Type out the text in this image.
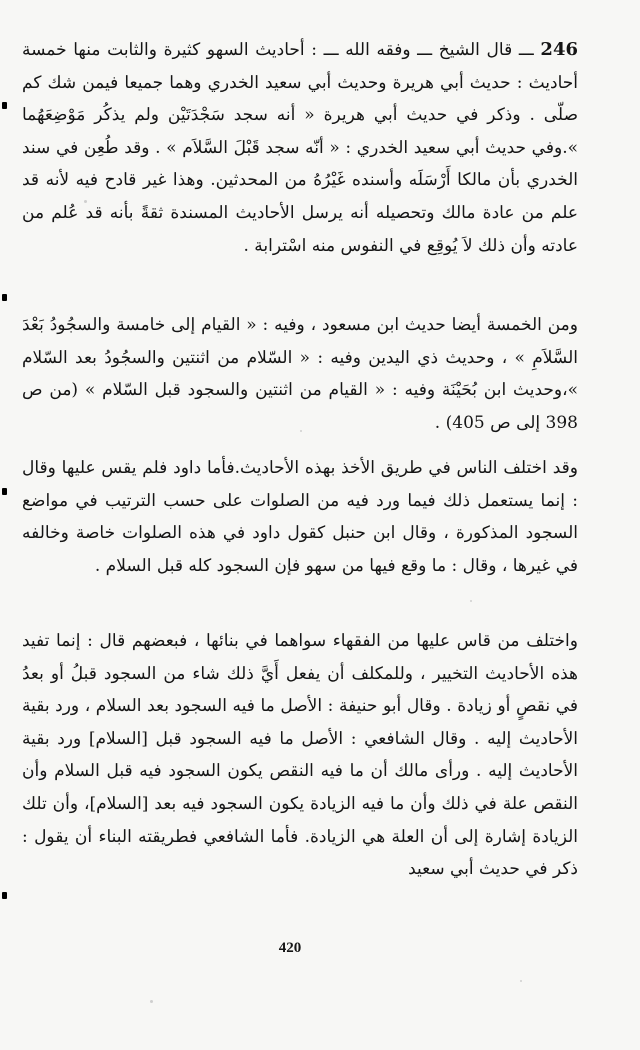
246 ـــ قال الشيخ ـــ وفقه الله ـــ : أحاديث السهو كثيرة والثابت منها خمسة أحاديث : حديث أبي هريرة وحديث أبي سعيد الخدري وهما جميعا فيمن شك كم صلّى . وذكر في حديث أبي هريرة « أنه سجد سَجْدَتَيْن ولم يذكُر مَوْضِعَهُما ».وفي حديث أبي سعيد الخدري : « أنّه سجد قَبْلَ السَّلاَم » . وقد طُعِن في سند الخدري بأن مالكا أَرْسَلَه وأسنده غَيْرُهُ من المحدثين. وهذا غير قادح فيه لأنه قد علم من عادة مالك وتحصيله أنه يرسل الأحاديث المسندة ثقةً بأنه قد عُلم من عادته وأن ذلك لاَ يُوقِع في النفوس منه اسْترابة .

ومن الخمسة أيضا حديث ابن مسعود ، وفيه : « القيام إلى خامسة والسجُودُ بَعْدَ السَّلاَمِ » ، وحديث ذي اليدين وفيه : « السّلام من اثنتين والسجُودُ بعد السّلام »،وحديث ابن بُحَيْنَة وفيه : « القيام من اثنتين والسجود قبل السّلام » (من ص 398 إلى ص 405) .

وقد اختلف الناس في طريق الأخذ بهذه الأحاديث.فأما داود فلم يقس عليها وقال : إنما يستعمل ذلك فيما ورد فيه من الصلوات على حسب الترتيب في مواضع السجود المذكورة ، وقال ابن حنبل كقول داود في هذه الصلوات خاصة وخالفه في غيرها ، وقال : ما وقع فيها من سهو فإن السجود كله قبل السلام .

واختلف من قاس عليها من الفقهاء سواهما في بنائها ، فبعضهم قال : إنما تفيد هذه الأحاديث التخيير ، وللمكلف أن يفعل أَيَّ ذلك شاء من السجود قبلُ أو بعدُ في نقصٍ أو زيادة . وقال أبو حنيفة : الأصل ما فيه السجود بعد السلام ، ورد بقية الأحاديث إليه . وقال الشافعي : الأصل ما فيه السجود قبل [السلام] ورد بقية الأحاديث إليه . ورأى مالك أن ما فيه النقص يكون السجود فيه قبل السلام وأن النقص علة في ذلك وأن ما فيه الزيادة يكون السجود فيه بعد [السلام]، وأن تلك الزيادة إشارة إلى أن العلة هي الزيادة. فأما الشافعي فطريقته البناء أن يقول : ذكر في حديث أبي سعيد

420
